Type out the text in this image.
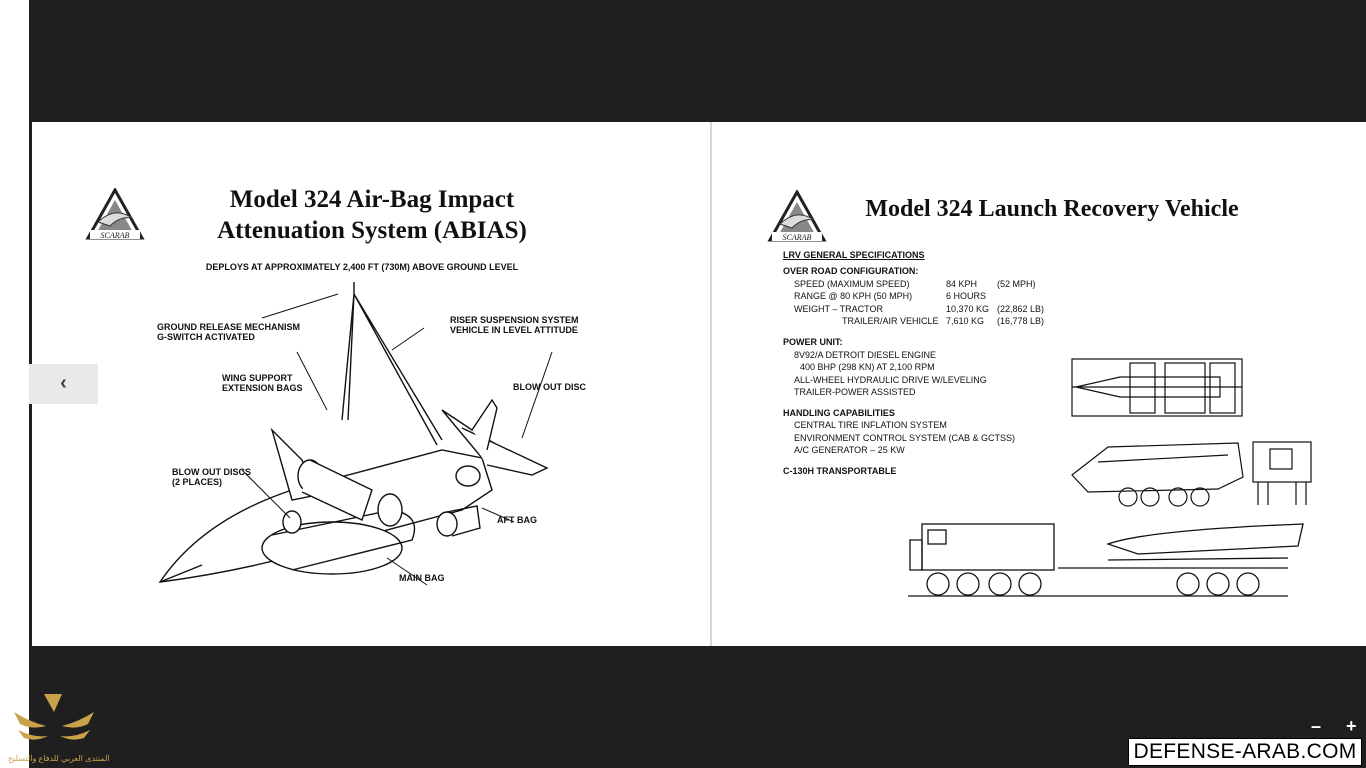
SCARAB
Model 324 Air-Bag Impact
Attenuation System (ABIAS)
DEPLOYS AT APPROXIMATELY 2,400 FT (730M) ABOVE GROUND LEVEL
GROUND RELEASE MECHANISM
G-SWITCH ACTIVATED
RISER SUSPENSION SYSTEM
VEHICLE IN LEVEL ATTITUDE
WING SUPPORT
EXTENSION BAGS	BLOW OUT DISC
BLOW OUT DISCS
(2 PLACES)
AFT BAG
MAIN BAG
SCARAB
Model 324 Launch Recovery Vehicle
LRV GENERAL SPECIFICATIONS
OVER ROAD CONFIGURATION:
SPEED (MAXIMUM SPEED)	84 KPH (52 MPH)
RANGE @ 80 KPH (50 MPH)	6 HOURS
WEIGHT – TRACTOR	10,370 KG (22,862 LB)
TRAILER/AIR VEHICLE 7,610 KG (16,778 LB)
POWER UNIT:
8V92/A DETROIT DIESEL ENGINE
400 BHP (298 KN) AT 2,100 RPM
ALL-WHEEL HYDRAULIC DRIVE W/LEVELING
TRAILER-POWER ASSISTED
HANDLING CAPABILITIES
CENTRAL TIRE INFLATION SYSTEM
ENVIRONMENT CONTROL SYSTEM (CAB & GCTSS)
A/C GENERATOR – 25 KW
C-130H TRANSPORTABLE
‹
– +
المنتدى العربي للدفاع والتسليح	DEFENSE-ARAB.COM
